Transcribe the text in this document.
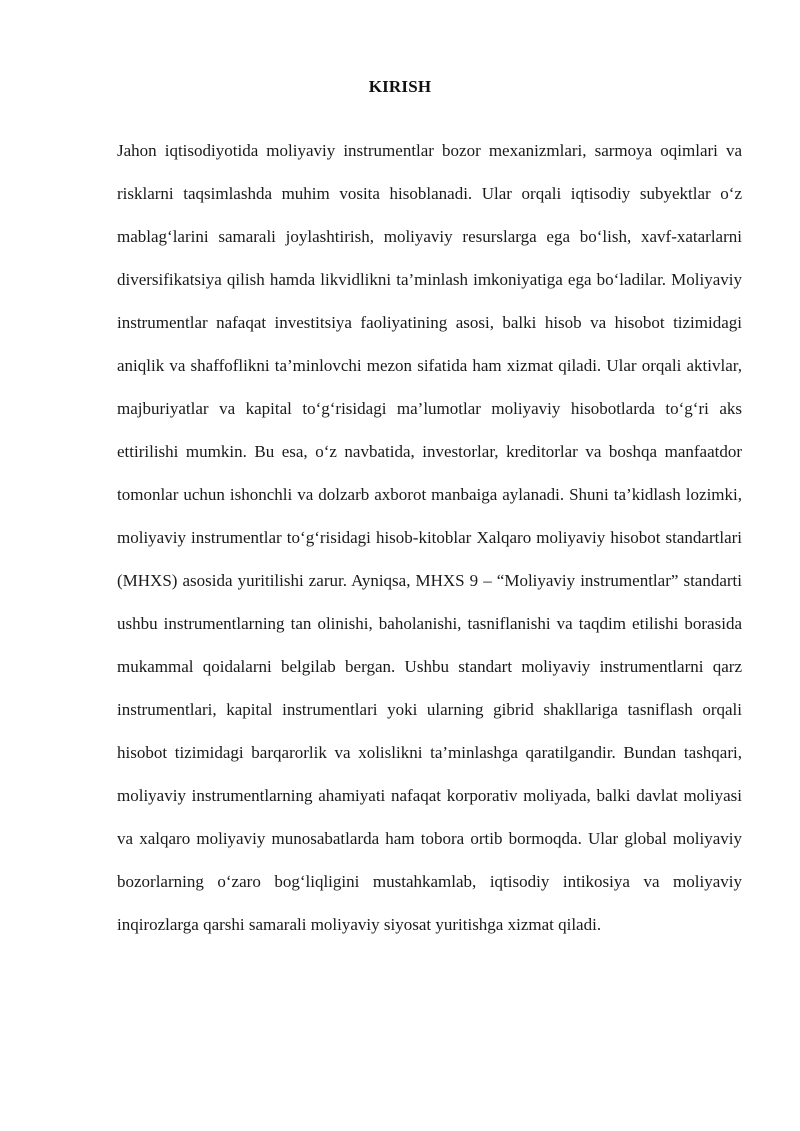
KIRISH

Jahon iqtisodiyotida moliyaviy instrumentlar bozor mexanizmlari, sarmoya oqimlari va risklarni taqsimlashda muhim vosita hisoblanadi. Ular orqali iqtisodiy subyektlar o‘z mablag‘larini samarali joylashtirish, moliyaviy resurslarga ega bo‘lish, xavf-xatarlarni diversifikatsiya qilish hamda likvidlikni ta’minlash imkoniyatiga ega bo‘ladilar. Moliyaviy instrumentlar nafaqat investitsiya faoliyatining asosi, balki hisob va hisobot tizimidagi aniqlik va shaffoflikni ta’minlovchi mezon sifatida ham xizmat qiladi. Ular orqali aktivlar, majburiyatlar va kapital to‘g‘risidagi ma’lumotlar moliyaviy hisobotlarda to‘g‘ri aks ettirilishi mumkin. Bu esa, o‘z navbatida, investorlar, kreditorlar va boshqa manfaatdor tomonlar uchun ishonchli va dolzarb axborot manbaiga aylanadi. Shuni ta’kidlash lozimki, moliyaviy instrumentlar to‘g‘risidagi hisob-kitoblar Xalqaro moliyaviy hisobot standartlari (MHXS) asosida yuritilishi zarur. Ayniqsa, MHXS 9 – “Moliyaviy instrumentlar” standarti ushbu instrumentlarning tan olinishi, baholanishi, tasniflanishi va taqdim etilishi borasida mukammal qoidalarni belgilab bergan. Ushbu standart moliyaviy instrumentlarni qarz instrumentlari, kapital instrumentlari yoki ularning gibrid shakllariga tasniflash orqali hisobot tizimidagi barqarorlik va xolislikni ta’minlashga qaratilgandir. Bundan tashqari, moliyaviy instrumentlarning ahamiyati nafaqat korporativ moliyada, balki davlat moliyasi va xalqaro moliyaviy munosabatlarda ham tobora ortib bormoqda. Ular global moliyaviy bozorlarning o‘zaro bog‘liqligini mustahkamlab, iqtisodiy intikosiya va moliyaviy inqirozlarga qarshi samarali moliyaviy siyosat yuritishga xizmat qiladi.
